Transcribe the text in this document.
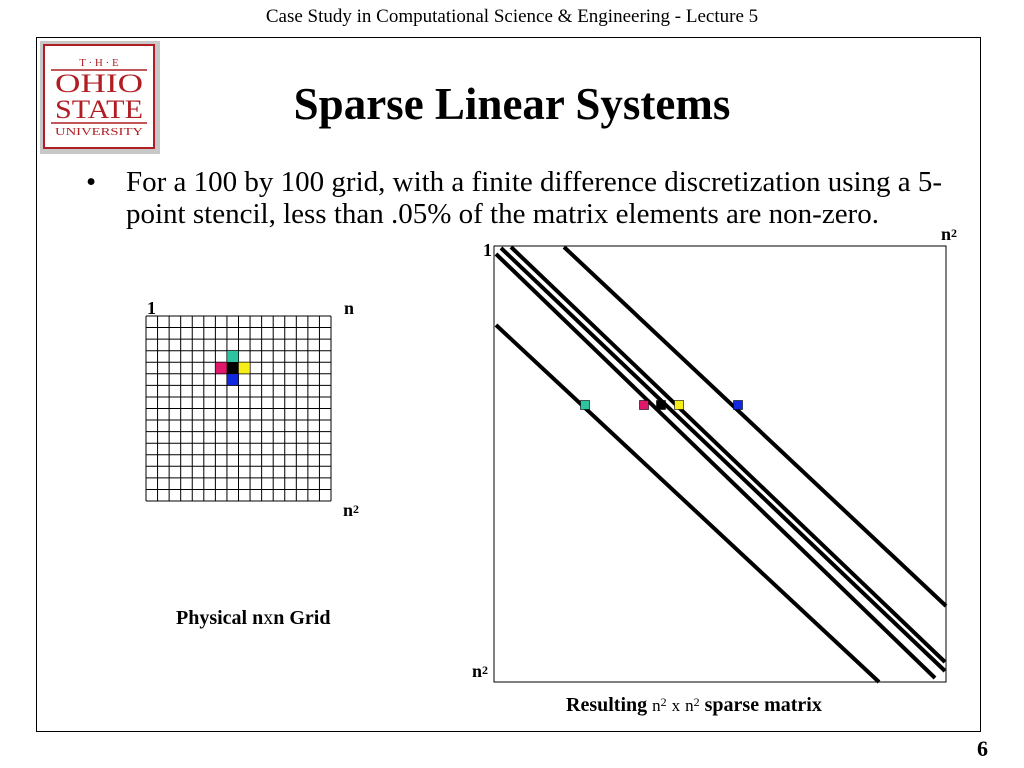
Case Study in Computational Science & Engineering - Lecture 5
T · H · E
OHIO
STATE
UNIVERSITY
Sparse Linear Systems
• For a 100 by 100 grid, with a finite difference discretization using a 5-point stencil, less than .05% of the matrix elements are non-zero.
1	n
$n^2$
Physical nxn Grid
1
$n^2$
$n^2$
Resulting $n^2$ x $n^2$ sparse matrix
6
